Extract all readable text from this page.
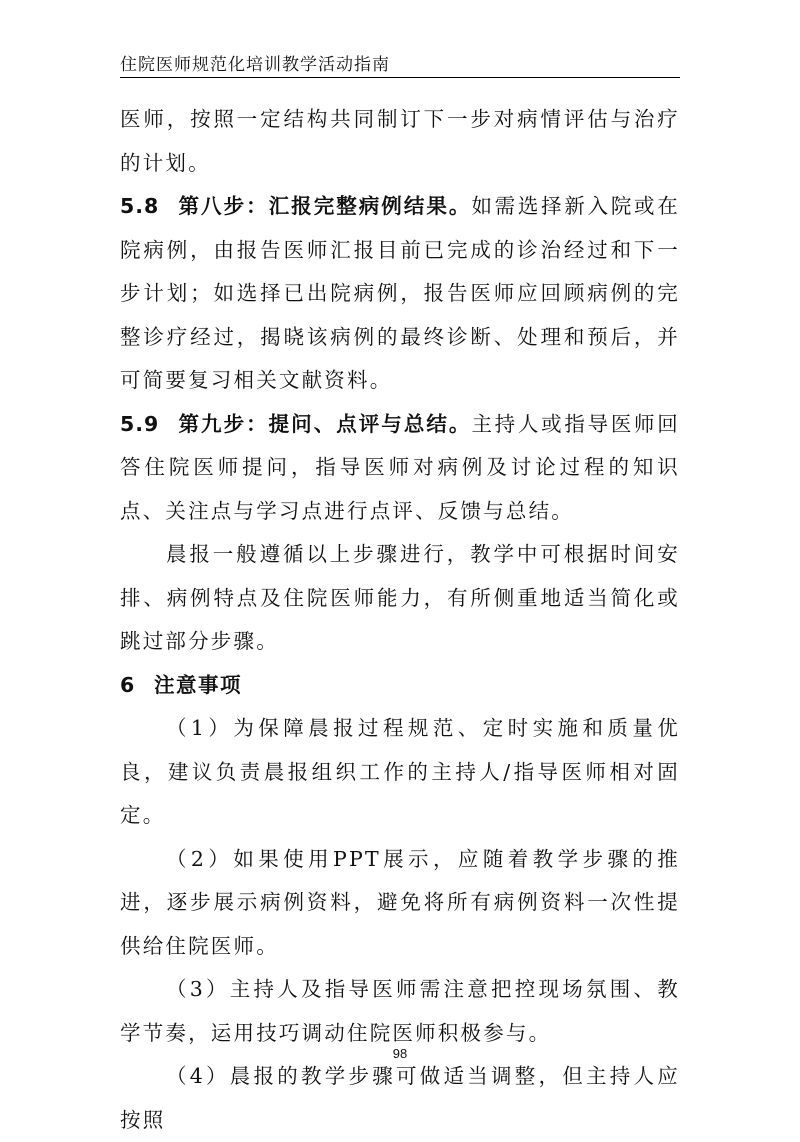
住院医师规范化培训教学活动指南

医师，按照一定结构共同制订下一步对病情评估与治疗的计划。

5.8 第八步：汇报完整病例结果。如需选择新入院或在院病例，由报告医师汇报目前已完成的诊治经过和下一步计划；如选择已出院病例，报告医师应回顾病例的完整诊疗经过，揭晓该病例的最终诊断、处理和预后，并可简要复习相关文献资料。

5.9 第九步：提问、点评与总结。主持人或指导医师回答住院医师提问，指导医师对病例及讨论过程的知识点、关注点与学习点进行点评、反馈与总结。

晨报一般遵循以上步骤进行，教学中可根据时间安排、病例特点及住院医师能力，有所侧重地适当简化或跳过部分步骤。

6 注意事项

（1）为保障晨报过程规范、定时实施和质量优良，建议负责晨报组织工作的主持人/指导医师相对固定。

（2）如果使用PPT展示，应随着教学步骤的推进，逐步展示病例资料，避免将所有病例资料一次性提供给住院医师。

（3）主持人及指导医师需注意把控现场氛围、教学节奏，运用技巧调动住院医师积极参与。

（4）晨报的教学步骤可做适当调整，但主持人应按照

98
